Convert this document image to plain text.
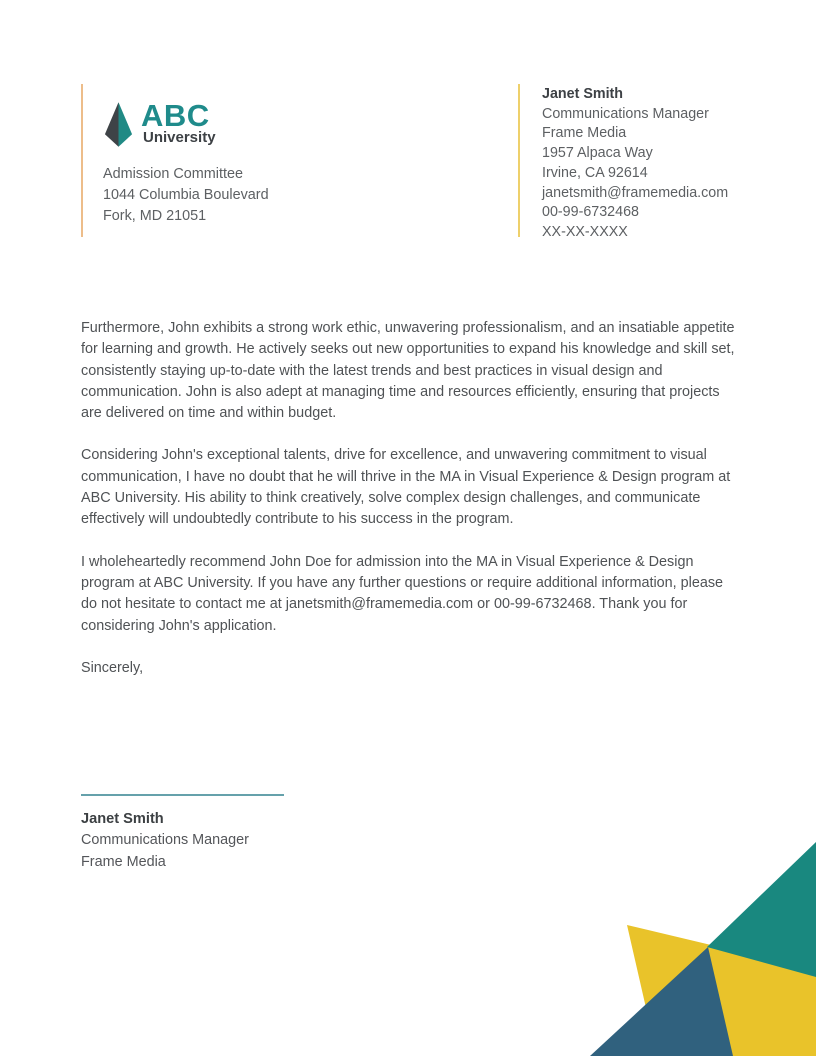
ABC
University
Admission Committee
1044 Columbia Boulevard
Fork, MD 21051
Janet Smith
Communications Manager
Frame Media
1957 Alpaca Way
Irvine, CA 92614
janetsmith@framemedia.com
00-99-6732468
XX-XX-XXXX

Furthermore, John exhibits a strong work ethic, unwavering professionalism, and an insatiable appetite for learning and growth. He actively seeks out new opportunities to expand his knowledge and skill set, consistently staying up-to-date with the latest trends and best practices in visual design and communication. John is also adept at managing time and resources efficiently, ensuring that projects are delivered on time and within budget.

Considering John's exceptional talents, drive for excellence, and unwavering commitment to visual communication, I have no doubt that he will thrive in the MA in Visual Experience & Design program at ABC University. His ability to think creatively, solve complex design challenges, and communicate effectively will undoubtedly contribute to his success in the program.

I wholeheartedly recommend John Doe for admission into the MA in Visual Experience & Design program at ABC University. If you have any further questions or require additional information, please do not hesitate to contact me at janetsmith@framemedia.com or 00-99-6732468. Thank you for considering John's application.

Sincerely,

Janet Smith
Communications Manager
Frame Media
